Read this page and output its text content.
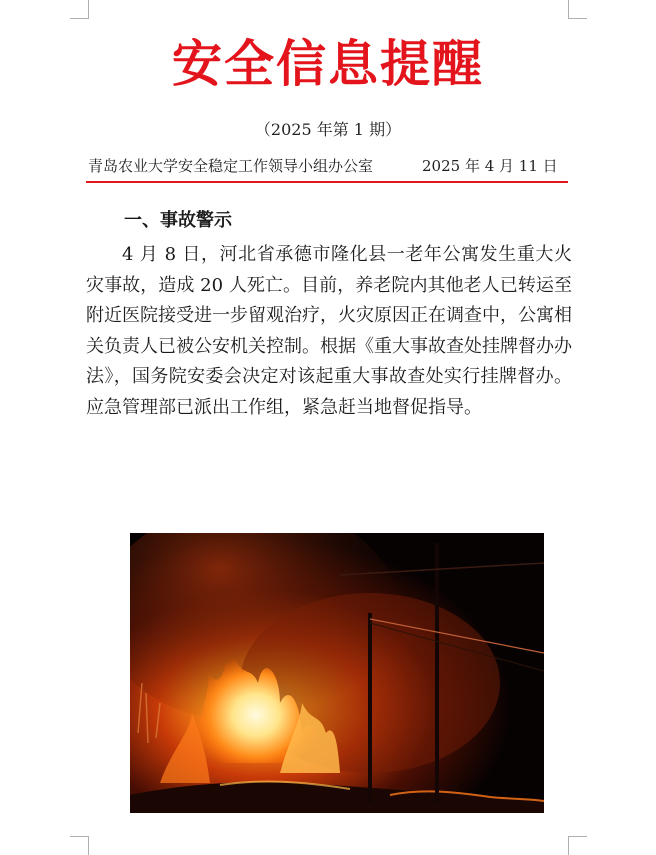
安全信息提醒
（2025 年第 1 期）
青岛农业大学安全稳定工作领导小组办公室	2025 年 4 月 11 日
一、事故警示
4 月 8 日，河北省承德市隆化县一老年公寓发生重大火灾事故，造成 20 人死亡。目前，养老院内其他老人已转运至附近医院接受进一步留观治疗，火灾原因正在调查中，公寓相关负责人已被公安机关控制。根据《重大事故查处挂牌督办办法》，国务院安委会决定对该起重大事故查处实行挂牌督办。应急管理部已派出工作组，紧急赶当地督促指导。
